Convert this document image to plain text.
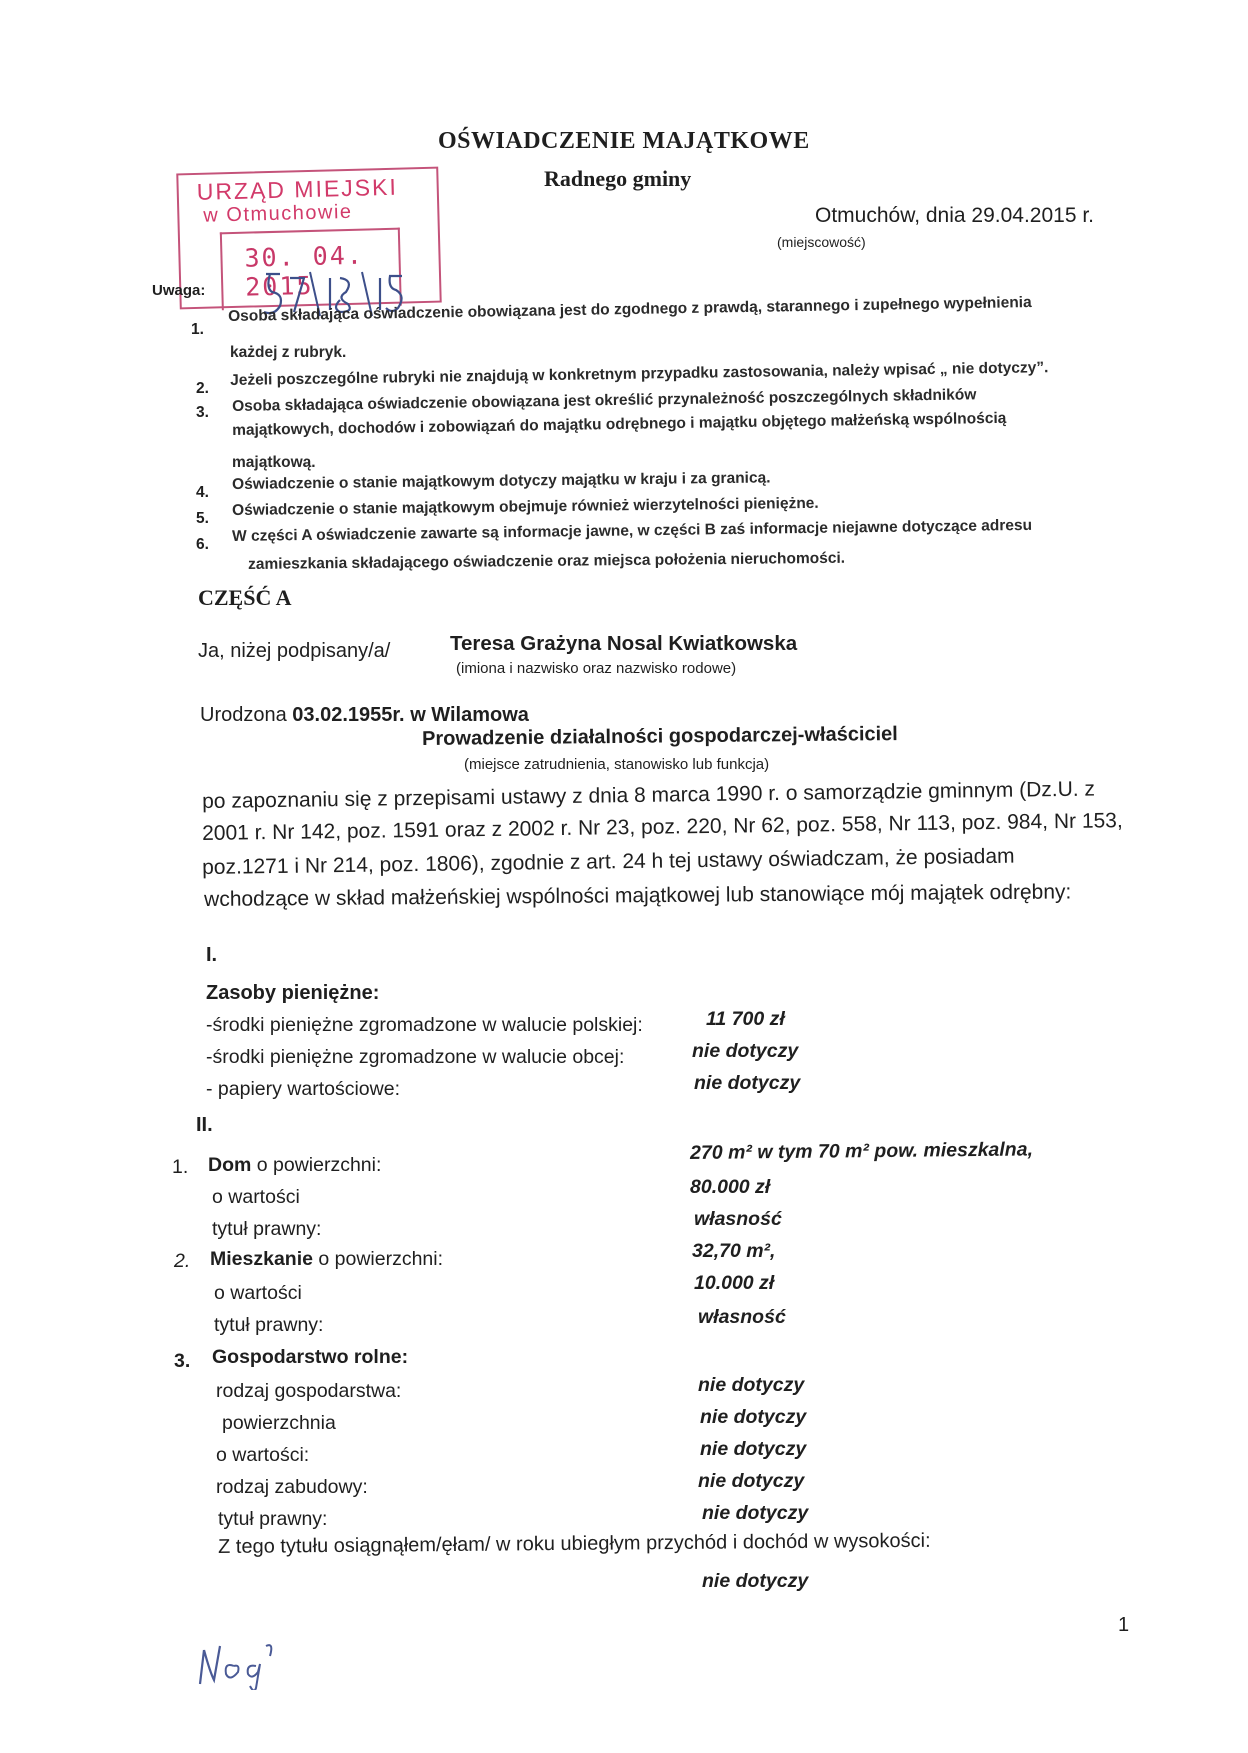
OŚWIADCZENIE MAJĄTKOWE
Radnego gminy
Otmuchów, dnia 29.04.2015 r.
(miejscowość)
URZĄD MIEJSKI
w Otmuchowie
30. 04. 2015
Uwaga:
1.
Osoba składająca oświadczenie obowiązana jest do zgodnego z prawdą, starannego i zupełnego wypełnienia
każdej z rubryk.
2. Jeżeli poszczególne rubryki nie znajdują w konkretnym przypadku zastosowania, należy wpisać „ nie dotyczy”.
3. Osoba składająca oświadczenie obowiązana jest określić przynależność poszczególnych składników
majątkowych, dochodów i zobowiązań do majątku odrębnego i majątku objętego małżeńską wspólnością
majątkową.
4. Oświadczenie o stanie majątkowym dotyczy majątku w kraju i za granicą.
5. Oświadczenie o stanie majątkowym obejmuje również wierzytelności pieniężne.
6. W części A oświadczenie zawarte są informacje jawne, w części B zaś informacje niejawne dotyczące adresu
zamieszkania składającego oświadczenie oraz miejsca położenia nieruchomości.
CZĘŚĆ A
Ja, niżej podpisany/a/	Teresa Grażyna Nosal Kwiatkowska
(imiona i nazwisko oraz nazwisko rodowe)
Urodzona 03.02.1955r. w Wilamowa
Prowadzenie działalności gospodarczej-właściciel
(miejsce zatrudnienia, stanowisko lub funkcja)
po zapoznaniu się z przepisami ustawy z dnia 8 marca 1990 r. o samorządzie gminnym (Dz.U. z
2001 r. Nr 142, poz. 1591 oraz z 2002 r. Nr 23, poz. 220, Nr 62, poz. 558, Nr 113, poz. 984, Nr 153,
poz.1271 i Nr 214, poz. 1806), zgodnie z art. 24 h tej ustawy oświadczam, że posiadam
wchodzące w skład małżeńskiej wspólności majątkowej lub stanowiące mój majątek odrębny:
I.
Zasoby pieniężne:
-środki pieniężne zgromadzone w walucie polskiej:	11 700 zł
-środki pieniężne zgromadzone w walucie obcej:	nie dotyczy
- papiery wartościowe:	nie dotyczy
II.
1. Dom o powierzchni:
270 m² w tym 70 m² pow. mieszkalna,
o wartości	80.000 zł
tytuł prawny:	własność
2. Mieszkanie o powierzchni:	32,70 m²,
o wartości	10.000 zł
tytuł prawny:	własność
3. Gospodarstwo rolne:
rodzaj gospodarstwa:	nie dotyczy
powierzchnia	nie dotyczy
o wartości:	nie dotyczy
rodzaj zabudowy:	nie dotyczy
tytuł prawny:	nie dotyczy
Z tego tytułu osiągnąłem/ęłam/ w roku ubiegłym przychód i dochód w wysokości:
nie dotyczy
1
